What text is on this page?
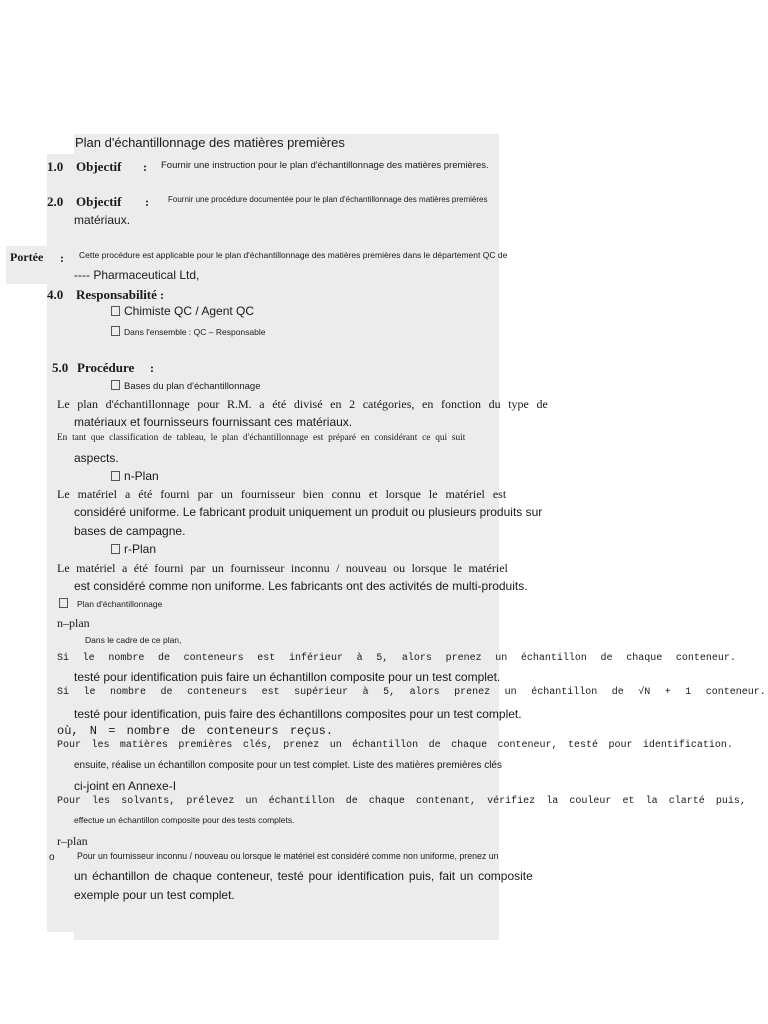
Plan d'échantillonnage des matières premières
1.0 Objectif : Fournir une instruction pour le plan d'échantillonnage des matières premières.
2.0 Objectif : Fournir une procédure documentée pour le plan d'échantillonnage des matières premières
matériaux.
Portée : Cette procédure est applicable pour le plan d'échantillonnage des matières premières dans le département QC de
---- Pharmaceutical Ltd,
4.0 Responsabilité :
Chimiste QC / Agent QC
Dans l'ensemble : QC – Responsable
5.0 Procédure :
Bases du plan d'échantillonnage
Le plan d'échantillonnage pour R.M. a été divisé en 2 catégories, en fonction du type de
matériaux et fournisseurs fournissant ces matériaux.
En tant que classification de tableau, le plan d'échantillonnage est préparé en considérant ce qui suit
aspects.
n-Plan
Le matériel a été fourni par un fournisseur bien connu et lorsque le matériel est
considéré uniforme. Le fabricant produit uniquement un produit ou plusieurs produits sur
bases de campagne.
r-Plan
Le matériel a été fourni par un fournisseur inconnu / nouveau ou lorsque le matériel
est considéré comme non uniforme. Les fabricants ont des activités de multi-produits.
Plan d'échantillonnage
n–plan
Dans le cadre de ce plan,
Si le nombre de conteneurs est inférieur à 5, alors prenez un échantillon de chaque conteneur.
testé pour identification puis faire un échantillon composite pour un test complet.
Si le nombre de conteneurs est supérieur à 5, alors prenez un échantillon de √N + 1 conteneur.
testé pour identification, puis faire des échantillons composites pour un test complet.
où, N = nombre de conteneurs reçus.
Pour les matières premières clés, prenez un échantillon de chaque conteneur, testé pour identification.
ensuite, réalise un échantillon composite pour un test complet. Liste des matières premières clés
ci-joint en Annexe-I
Pour les solvants, prélevez un échantillon de chaque contenant, vérifiez la couleur et la clarté puis,
effectue un échantillon composite pour des tests complets.
r–plan
o	Pour un fournisseur inconnu / nouveau ou lorsque le matériel est considéré comme non uniforme, prenez un
un échantillon de chaque conteneur, testé pour identification puis, fait un composite
exemple pour un test complet.
